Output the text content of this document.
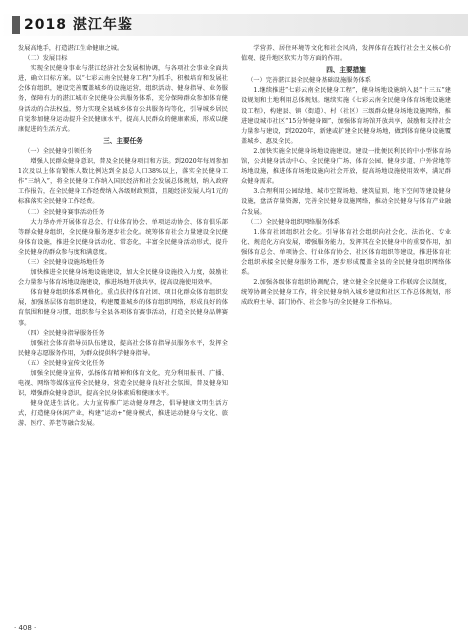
2018 湛江年鉴

发展高地手，打造湛江生命健康之城。

（二）发展目标

实现全民健身事业与湛江经济社会发展相协调，与各项社会事业全面共进，确立目标方案。以“七彩云南全民健身工程”为抓手，积极培育和发展社会体育组织，建设完善覆盖城乡的设施运营，组织活动、健身指导、业务服务，保障有力的湛江城市全民健身公共服务体系，充分保障群众参加体育健身活动的合法权益，努力实现全县城乡体育公共服务均等化，引导城乡居民自觉参加健身运动提升全民健康水平，提高人民群众的健康素质，形成以健康促进的生活方式。

三、主要任务

（一）全民健身引领任务

增强人民群众健身意识，普及全民健身项目和方法。到2020年每周参加1次及以上体育锻炼人数比例达到全县总人口38%以上，落实全民健身工作“三纳入”，将全民健身工作纳入国民经济和社会发展总体规划，纳入政府工作报告，在全民健身工作经费纳入各级财政预算，且随经济发展人均1元的标准落实全民健身工作经费。

（二）全民健身赛事活动任务

大力举办并开展体育总会、行业体育协会、单项运动协会、体育俱乐部等群众健身组织，全民健身服务逐步社会化。统筹体育社会力量建设全民健身体育设施，推进全民健身活动化、常态化，丰富全民健身活动形式，提升全民健身的群众参与度和满意度。

（三）全民健身设施场地任务

加快推进全民健身场地设施建设，加大全民健身设施投入力度，鼓励社会力量参与体育场地设施建设，推进场地开放共享，提高设施使用效率。

体育健身组织体系网格化。重点扶持体育社团、项目化群众体育组织发展，加强基层体育组织建设，构建覆盖城乡的体育组织网络，形成良好的体育氛围和健身习惯，组织参与全县各项体育赛事活动，打造全民健身品牌赛事。

（四）全民健身指导服务任务

加强社会体育指导员队伍建设，提高社会体育指导员服务水平，发挥全民健身志愿服务作用，为群众提供科学健身指导。

（五）全民健身宣传文化任务

加强全民健身宣传，弘扬体育精神和体育文化，充分利用报刊、广播、电视、网络等媒体宣传全民健身，营造全民健身良好社会氛围，普及健身知识，增强群众健身意识，提高全民身体素质和健康水平。

健身促进生活化。大力宣传推广运动健身理念，倡导健康文明生活方式，打造健身休闲产业，构建“运动+”健身模式，推进运动健身与文化、旅游、医疗、养老等融合发展。

学营养、居住环境等文化和社会风尚，发挥体育在践行社会主义核心价值观、提升地区软实力等方面的作用。

四、主要措施

（一）完善湛江县全民健身基础设施服务体系

1.继续推进“七彩云南全民健身工程”，健身场地设施纳入县“十三五”建设规划和土地利用总体规划。继续实施《七彩云南全民健身体育场地设施建设工程》，构建县、镇（街道）、村（社区）三级群众健身场地设施网络，推进建设城市社区“15分钟健身圈”，加强体育场馆开放共享，鼓励和支持社会力量参与建设，到2020年，新建或扩建全民健身场地，做到体育健身设施覆盖城乡、惠及全民。

2.加快实施全民健身场地设施建设。建设一批便民利民的中小型体育场馆，公共健身活动中心、全民健身广场、体育公园、健身步道、户外营地等场地设施，推进体育场地设施向社会开放，提高场地设施使用效率，满足群众健身需求。

3.合理利用公园绿地、城市空置场地、建筑屋顶、地下空间等建设健身设施，盘活存量资源，完善全民健身设施网络，推动全民健身与体育产业融合发展。

（二）全民健身组织网络服务体系

1.体育社团组织社会化。引导体育社会组织向社会化、法治化、专业化、规范化方向发展，增强服务能力，发挥其在全民健身中的重要作用，加强体育总会、单项协会、行业体育协会、社区体育组织等建设，推进体育社会组织承接全民健身服务工作，逐步形成覆盖全县的全民健身组织网络体系。

2.加强各级体育组织协调配合，建立健全全民健身工作联席会议制度，统筹协调全民健身工作，将全民健身纳入城乡建设和社区工作总体规划，形成政府主导、部门协作、社会参与的全民健身工作格局。

· 408 ·
